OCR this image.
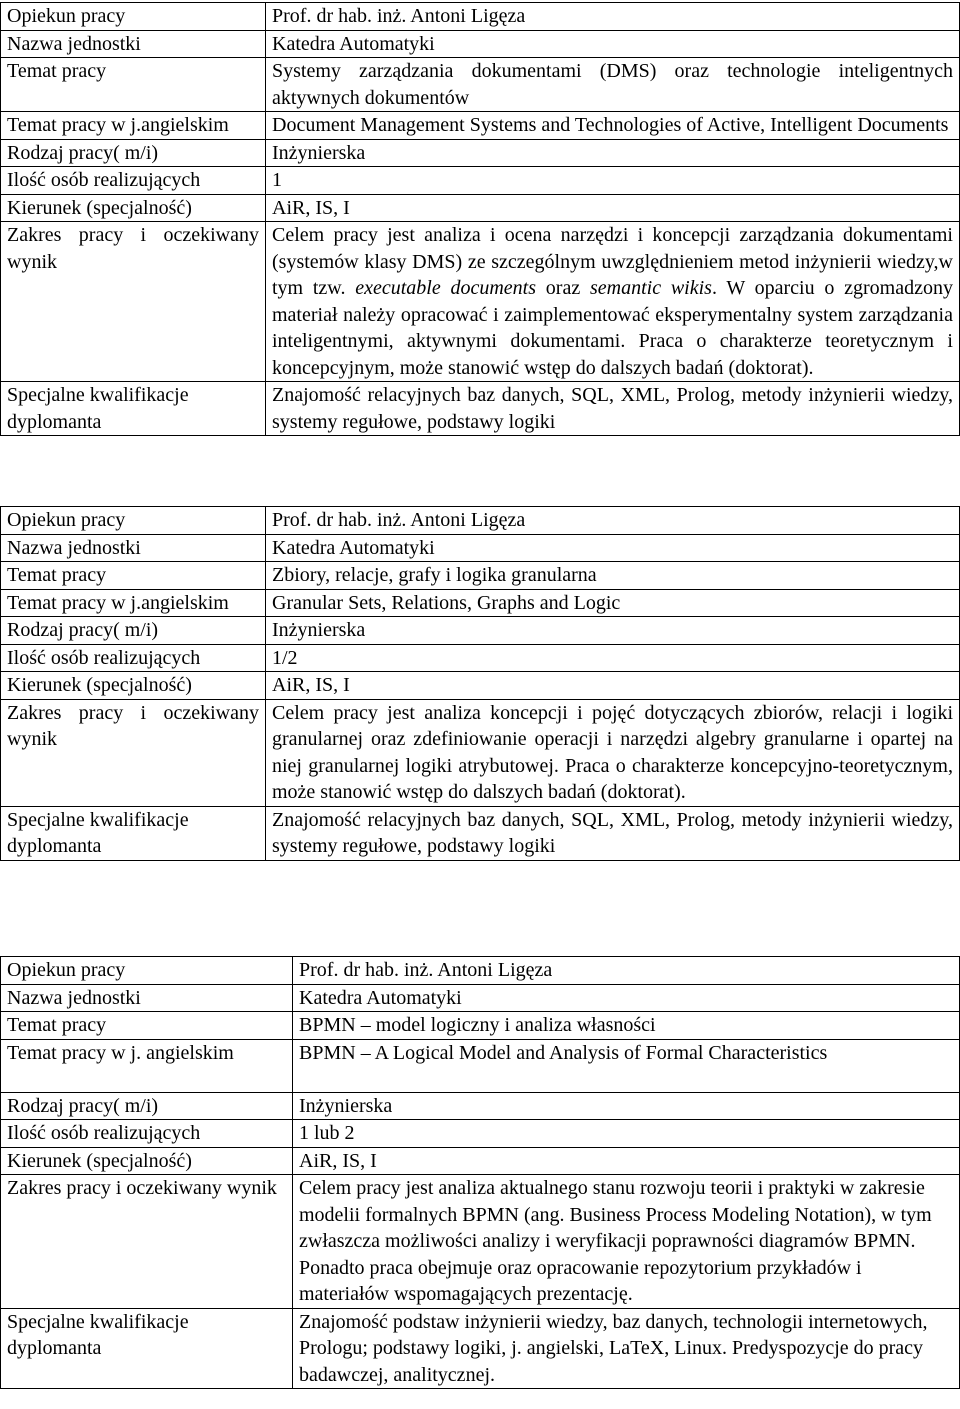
Opiekun pracy	Prof. dr hab. inż. Antoni Ligęza
Nazwa jednostki	Katedra Automatyki
Temat pracy	Systemy zarządzania dokumentami (DMS) oraz technologie inteligentnych aktywnych dokumentów
Temat pracy w j.angielskim	Document Management Systems and Technologies of Active, Intelligent Documents
Rodzaj pracy( m/i)	Inżynierska
Ilość osób realizujących	1
Kierunek (specjalność)	AiR, IS, I
Zakres pracy i oczekiwany wynik	Celem pracy jest analiza i ocena narzędzi i koncepcji zarządzania dokumentami (systemów klasy DMS) ze szczególnym uwzględnieniem metod inżynierii wiedzy,w tym tzw. executable documents oraz semantic wikis. W oparciu o zgromadzony materiał należy opracować i zaimplementować eksperymentalny system zarządzania inteligentnymi, aktywnymi dokumentami. Praca o charakterze teoretycznym i koncepcyjnym, może stanowić wstęp do dalszych badań (doktorat).
Specjalne kwalifikacje dyplomanta	Znajomość relacyjnych baz danych, SQL, XML, Prolog, metody inżynierii wiedzy, systemy regułowe, podstawy logiki
Opiekun pracy	Prof. dr hab. inż. Antoni Ligęza
Nazwa jednostki	Katedra Automatyki
Temat pracy	Zbiory, relacje, grafy i logika granularna
Temat pracy w j.angielskim	Granular Sets, Relations, Graphs and Logic
Rodzaj pracy( m/i)	Inżynierska
Ilość osób realizujących	1/2
Kierunek (specjalność)	AiR, IS, I
Zakres pracy i oczekiwany wynik	Celem pracy jest analiza koncepcji i pojęć dotyczących zbiorów, relacji i logiki granularnej oraz zdefiniowanie operacji i narzędzi algebry granularne i opartej na niej granularnej logiki atrybutowej. Praca o charakterze koncepcyjno-teoretycznym, może stanowić wstęp do dalszych badań (doktorat).
Specjalne kwalifikacje dyplomanta	Znajomość relacyjnych baz danych, SQL, XML, Prolog, metody inżynierii wiedzy, systemy regułowe, podstawy logiki
Opiekun pracy	Prof. dr hab. inż. Antoni Ligęza
Nazwa jednostki	Katedra Automatyki
Temat pracy	BPMN – model logiczny i analiza własności
Temat pracy w j. angielskim	BPMN – A Logical Model and Analysis of Formal Characteristics
Rodzaj pracy( m/i)	Inżynierska
Ilość osób realizujących	1 lub 2
Kierunek (specjalność)	AiR, IS, I
Zakres pracy i oczekiwany wynik	Celem pracy jest analiza aktualnego stanu rozwoju teorii i praktyki w zakresie modelii formalnych BPMN (ang. Business Process Modeling Notation), w tym zwłaszcza możliwości analizy i weryfikacji poprawności diagramów BPMN. Ponadto praca obejmuje oraz opracowanie repozytorium przykładów i materiałów wspomagających prezentację.
Specjalne kwalifikacje dyplomanta	Znajomość podstaw inżynierii wiedzy, baz danych, technologii internetowych, Prologu; podstawy logiki, j. angielski, LaTeX, Linux. Predyspozycje do pracy badawczej, analitycznej.
